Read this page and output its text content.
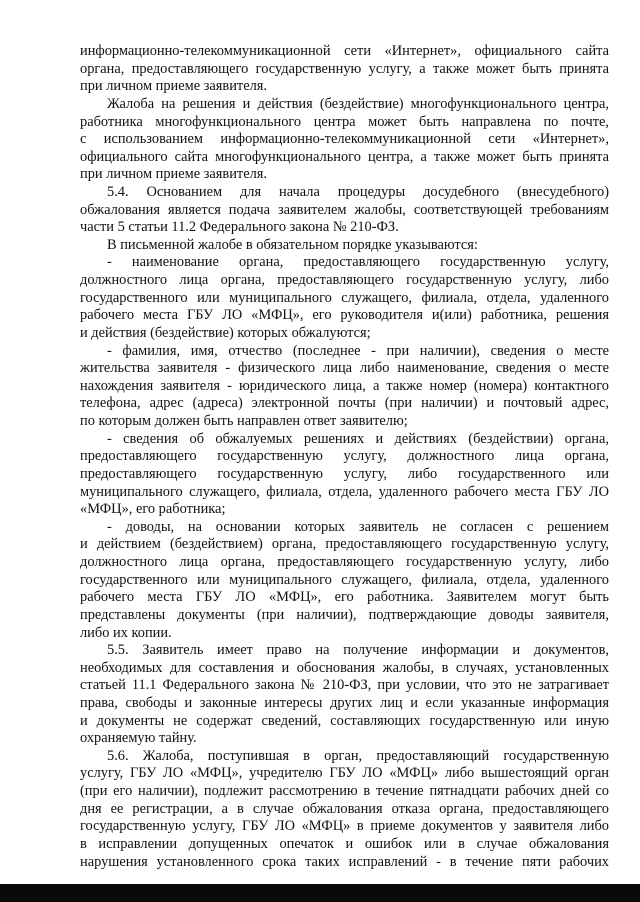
информационно-телекоммуникационной сети «Интернет», официального сайта
органа, предоставляющего государственную услугу, а также может быть принята
при личном приеме заявителя.
Жалоба на решения и действия (бездействие) многофункционального центра,
работника многофункционального центра может быть направлена по почте,
с использованием информационно-телекоммуникационной сети «Интернет»,
официального сайта многофункционального центра, а также может быть принята
при личном приеме заявителя.
5.4. Основанием для начала процедуры досудебного (внесудебного)
обжалования является подача заявителем жалобы, соответствующей требованиям
части 5 статьи 11.2 Федерального закона № 210-ФЗ.
В письменной жалобе в обязательном порядке указываются:
- наименование органа, предоставляющего государственную услугу,
должностного лица органа, предоставляющего государственную услугу, либо
государственного или муниципального служащего, филиала, отдела, удаленного
рабочего места ГБУ ЛО «МФЦ», его руководителя и(или) работника, решения
и действия (бездействие) которых обжалуются;
- фамилия, имя, отчество (последнее - при наличии), сведения о месте
жительства заявителя - физического лица либо наименование, сведения о месте
нахождения заявителя - юридического лица, а также номер (номера) контактного
телефона, адрес (адреса) электронной почты (при наличии) и почтовый адрес,
по которым должен быть направлен ответ заявителю;
- сведения об обжалуемых решениях и действиях (бездействии) органа,
предоставляющего государственную услугу, должностного лица органа,
предоставляющего государственную услугу, либо государственного или
муниципального служащего, филиала, отдела, удаленного рабочего места ГБУ ЛО
«МФЦ», его работника;
- доводы, на основании которых заявитель не согласен с решением
и действием (бездействием) органа, предоставляющего государственную услугу,
должностного лица органа, предоставляющего государственную услугу, либо
государственного или муниципального служащего, филиала, отдела, удаленного
рабочего места ГБУ ЛО «МФЦ», его работника. Заявителем могут быть
представлены документы (при наличии), подтверждающие доводы заявителя,
либо их копии.
5.5. Заявитель имеет право на получение информации и документов,
необходимых для составления и обоснования жалобы, в случаях, установленных
статьей 11.1 Федерального закона № 210-ФЗ, при условии, что это не затрагивает
права, свободы и законные интересы других лиц и если указанные информация
и документы не содержат сведений, составляющих государственную или иную
охраняемую тайну.
5.6. Жалоба, поступившая в орган, предоставляющий государственную
услугу, ГБУ ЛО «МФЦ», учредителю ГБУ ЛО «МФЦ» либо вышестоящий орган
(при его наличии), подлежит рассмотрению в течение пятнадцати рабочих дней со
дня ее регистрации, а в случае обжалования отказа органа, предоставляющего
государственную услугу, ГБУ ЛО «МФЦ» в приеме документов у заявителя либо
в исправлении допущенных опечаток и ошибок или в случае обжалования
нарушения установленного срока таких исправлений - в течение пяти рабочих
